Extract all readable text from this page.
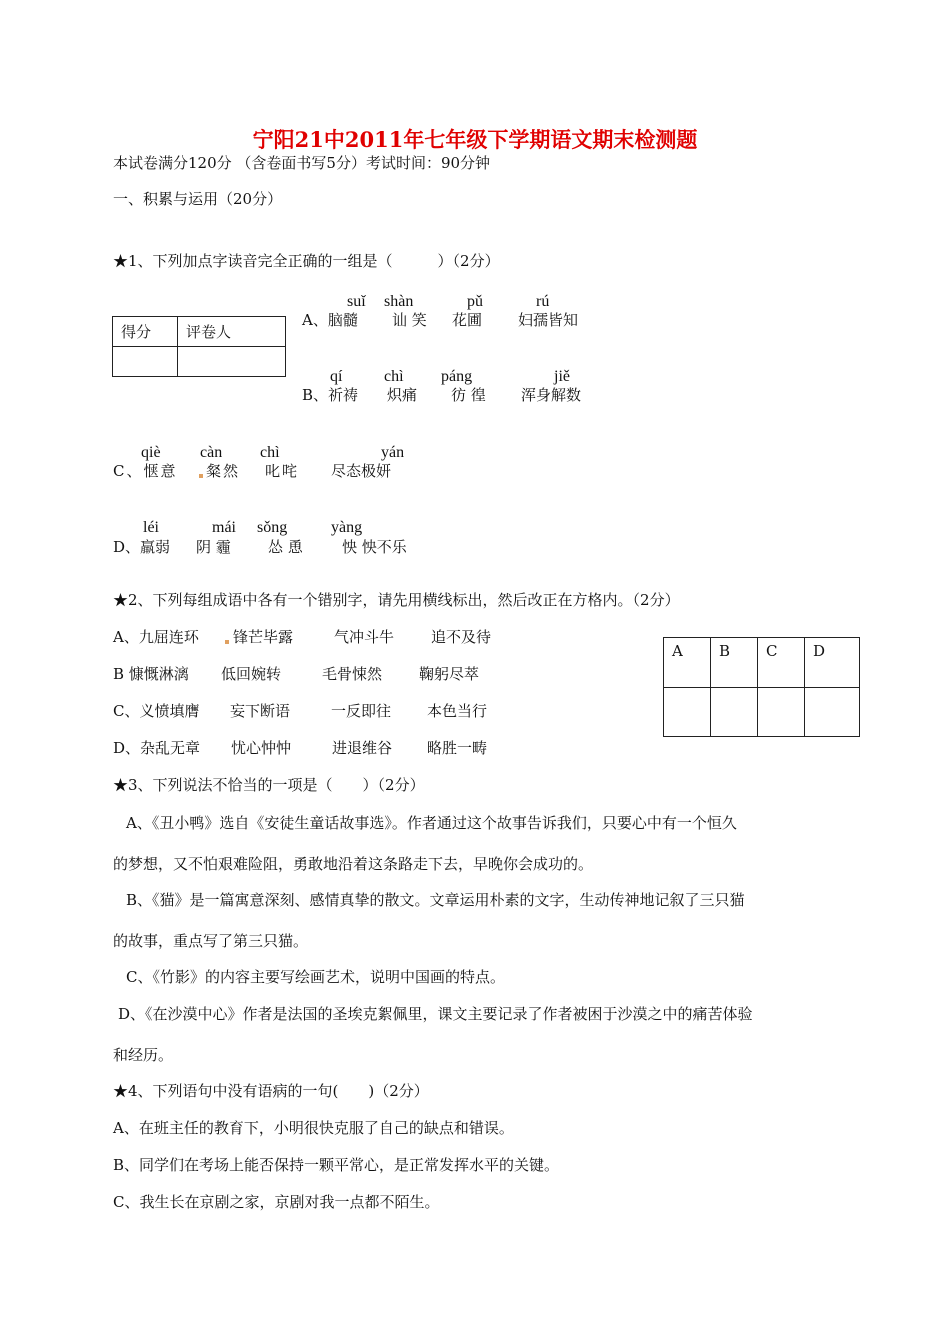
宁阳21中2011年七年级下学期语文期末检测题
本试卷满分120分 （含卷面书写5分）考试时间：90分钟
一、积累与运用（20分）
★1、下列加点字读音完全正确的一组是（　　　）（2分）
得分	评卷人

suǐ shàn	pǔ	rú
A、脑髓 讪 笑 花圃 妇孺皆知
qí	chì páng	jiě
B、祈祷 炽痛 彷 徨 浑身解数
qiè càn chì	yán
C、惬意 粲然 叱咤 尽态极妍
léi	mái sǒng	yàng
D、羸弱 阴 霾 怂 恿	怏 怏不乐
★2、下列每组成语中各有一个错别字，请先用横线标出，然后改正在方格内。（2分）
A、九屈连环 锋芒毕露	气冲斗牛 追不及待
B 慷慨淋漓 低回婉转	毛骨悚然 鞠躬尽萃
C、义愤填膺 妄下断语	一反即往 本色当行
D、杂乱无章 忧心忡忡	进退维谷 略胜一畴
A	B	C	D

★3、下列说法不恰当的一项是（　　）（2分）
A、《丑小鸭》选自《安徒生童话故事选》。作者通过这个故事告诉我们，只要心中有一个恒久
的梦想，又不怕艰难险阻，勇敢地沿着这条路走下去，早晚你会成功的。
B、《猫》是一篇寓意深刻、感情真挚的散文。文章运用朴素的文字，生动传神地记叙了三只猫
的故事，重点写了第三只猫。
C、《竹影》的内容主要写绘画艺术，说明中国画的特点。
D、《在沙漠中心》作者是法国的圣埃克絮佩里，课文主要记录了作者被困于沙漠之中的痛苦体验
和经历。
★4、下列语句中没有语病的一句(　　)（2分）
A、在班主任的教育下，小明很快克服了自己的缺点和错误。
B、同学们在考场上能否保持一颗平常心，是正常发挥水平的关键。
C、我生长在京剧之家，京剧对我一点都不陌生。
